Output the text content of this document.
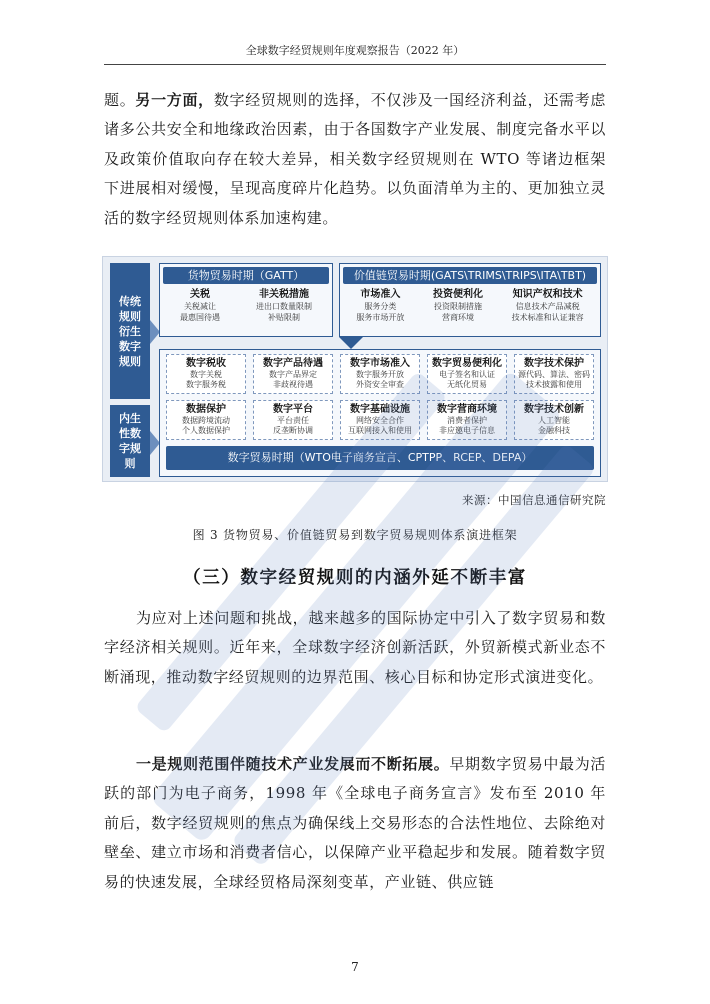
全球数字经贸规则年度观察报告（2022 年）

题。另一方面，数字经贸规则的选择，不仅涉及一国经济利益，还需考虑诸多公共安全和地缘政治因素，由于各国数字产业发展、制度完备水平以及政策价值取向存在较大差异，相关数字经贸规则在 WTO 等诸边框架下进展相对缓慢，呈现高度碎片化趋势。以负面清单为主的、更加独立灵活的数字经贸规则体系加速构建。

传统规则衍生数字规则
内生性数字规则
货物贸易时期（GATT）
关税
关税减让
最惠国待遇
非关税措施
进出口数量限制
补贴限制
价值链贸易时期(GATS\TRIMS\TRIPS\ITA\TBT)
市场准入
服务分类
服务市场开放
投资便利化
投资限制措施
营商环境
知识产权和技术
信息技术产品减税
技术标准和认证兼容
数字税收
数字关税
数字服务税
数字产品待遇
数字产品界定
非歧视待遇
数字市场准入
数字服务开放
外资安全审查
数字贸易便利化
电子签名和认证
无纸化贸易
数字技术保护
源代码、算法、密码
技术披露和使用
数据保护
数据跨境流动
个人数据保护
数字平台
平台责任
反垄断协调
数字基础设施
网络安全合作
互联网接入和使用
数字营商环境
消费者保护
非应邀电子信息
数字技术创新
人工智能
金融科技
数字贸易时期（WTO电子商务宣言、CPTPP、RCEP、DEPA）
来源：中国信息通信研究院
图 3 货物贸易、价值链贸易到数字贸易规则体系演进框架
（三）数字经贸规则的内涵外延不断丰富

为应对上述问题和挑战，越来越多的国际协定中引入了数字贸易和数字经济相关规则。近年来，全球数字经济创新活跃，外贸新模式新业态不断涌现，推动数字经贸规则的边界范围、核心目标和协定形式演进变化。

一是规则范围伴随技术产业发展而不断拓展。早期数字贸易中最为活跃的部门为电子商务，1998 年《全球电子商务宣言》发布至 2010 年前后，数字经贸规则的焦点为确保线上交易形态的合法性地位、去除绝对壁垒、建立市场和消费者信心，以保障产业平稳起步和发展。随着数字贸易的快速发展，全球经贸格局深刻变革，产业链、供应链

7
